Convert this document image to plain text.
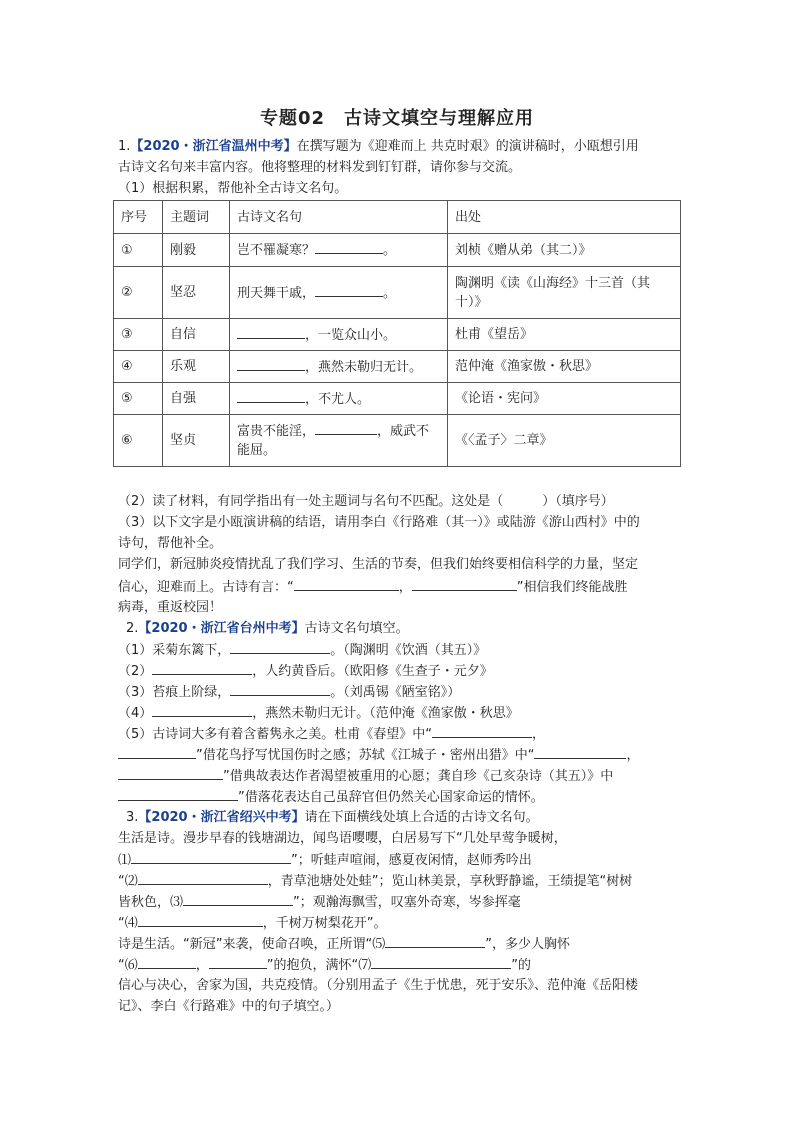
专题02　古诗文填空与理解应用
1.【2020・浙江省温州中考】在撰写题为《迎难而上 共克时艰》的演讲稿时，小瓯想引用
古诗文名句来丰富内容。他将整理的材料发到钉钉群，请你参与交流。
（1）根据积累，帮他补全古诗文名句。
序号	主题词	古诗文名句	出处
①	刚毅	岂不罹凝寒？ 。	刘桢《赠从弟（其二）》
②	坚忍	刑天舞干戚， 。	陶渊明《读《山海经》十三首（其十）》
③	自信	，一览众山小。	杜甫《望岳》
④	乐观	，燕然未勒归无计。	范仲淹《渔家傲・秋思》
⑤	自强	，不尤人。	《论语・宪问》
⑥	坚贞	富贵不能淫， ，威武不能屈。	《〈孟子〉二章》
（2）读了材料，有同学指出有一处主题词与名句不匹配。这处是（　　　）（填序号）
（3）以下文字是小瓯演讲稿的结语，请用李白《行路难（其一）》或陆游《游山西村》中的
诗句，帮他补全。
同学们，新冠肺炎疫情扰乱了我们学习、生活的节奏，但我们始终要相信科学的力量，坚定
信心，迎难而上。古诗有言：“	，	”相信我们终能战胜
病毒，重返校园！
2.【2020・浙江省台州中考】古诗文名句填空。
（1）采菊东篱下，	。（陶渊明《饮酒（其五）》
（2）	，人约黄昏后。（欧阳修《生查子・元夕》
（3）苔痕上阶绿，	。（刘禹锡《陋室铭》）
（4）	，燕然未勒归无计。（范仲淹《渔家傲・秋思》
（5）古诗词大多有着含蓄隽永之美。杜甫《春望》中“	，
”借花鸟抒写忧国伤时之感；苏轼《江城子・密州出猎》中“	，
”借典故表达作者渴望被重用的心愿；龚自珍《己亥杂诗（其五）》中
”借落花表达自己虽辞官但仍然关心国家命运的情怀。
3.【2020・浙江省绍兴中考】请在下面横线处填上合适的古诗文名句。
生活是诗。漫步早春的钱塘湖边，闻鸟语嘤嘤，白居易写下“几处早莺争暖树，
⑴	”；听蛙声喧闹，感夏夜闲情，赵师秀吟出
“⑵	，青草池塘处处蛙”；览山林美景，享秋野静谧，王绩提笔“树树
皆秋色，⑶	”；观瀚海飘雪，叹塞外奇寒，岑参挥毫
“⑷	，千树万树梨花开”。
诗是生活。“新冠”来袭，使命召唤，正所谓“⑸	”，多少人胸怀
“⑹	，	”的抱负，满怀“⑺	”的
信心与决心，舍家为国，共克疫情。（分别用孟子《生于忧患，死于安乐》、范仲淹《岳阳楼
记》、李白《行路难》中的句子填空。）
